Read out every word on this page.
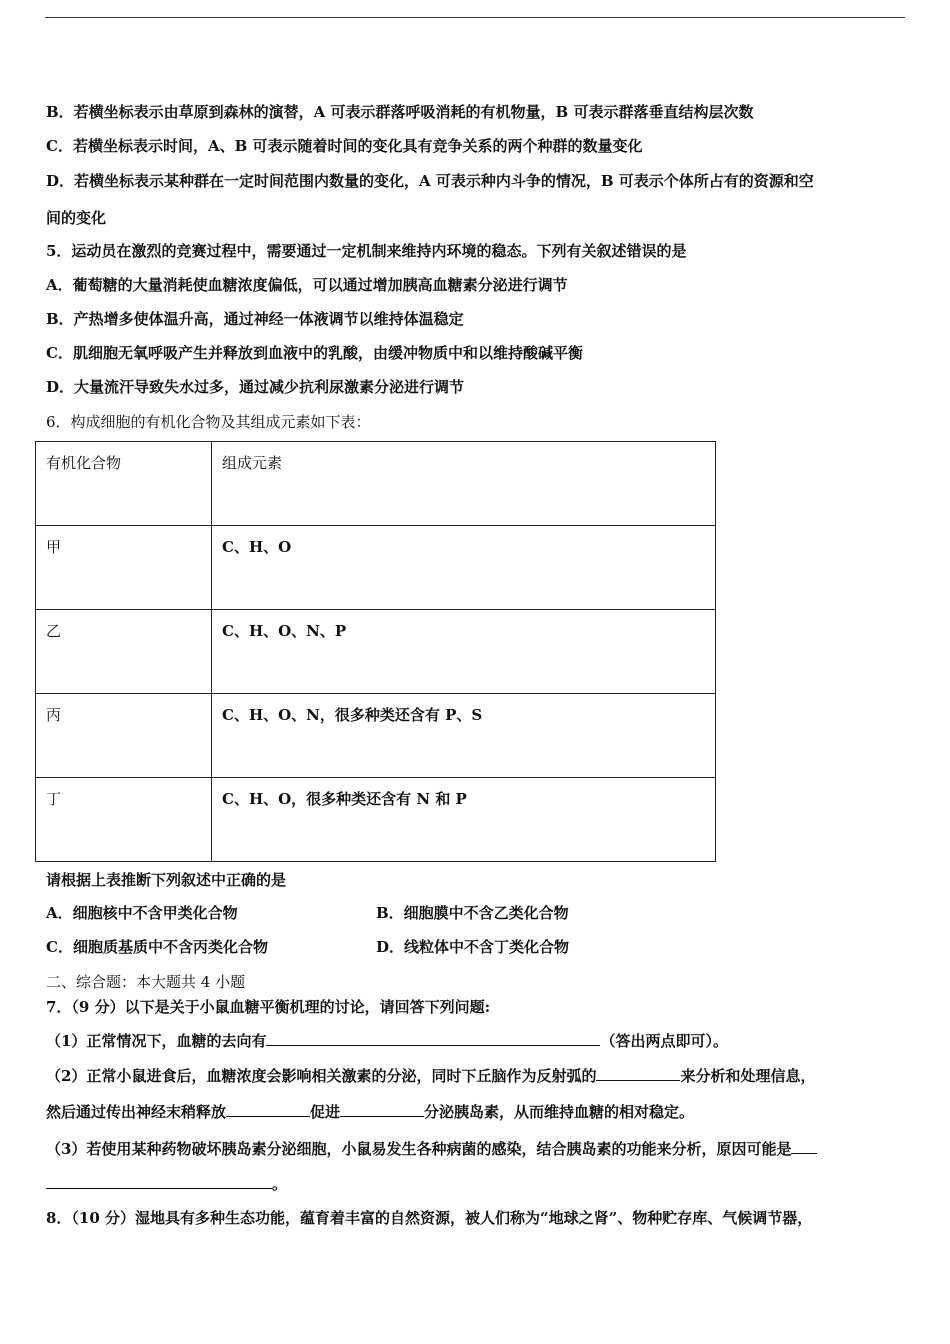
B．若横坐标表示由草原到森林的演替，A 可表示群落呼吸消耗的有机物量，B 可表示群落垂直结构层次数
C．若横坐标表示时间，A、B 可表示随着时间的变化具有竞争关系的两个种群的数量变化
D．若横坐标表示某种群在一定时间范围内数量的变化，A 可表示种内斗争的情况，B 可表示个体所占有的资源和空
间的变化
5．运动员在激烈的竞赛过程中，需要通过一定机制来维持内环境的稳态。下列有关叙述错误的是
A．葡萄糖的大量消耗使血糖浓度偏低，可以通过增加胰高血糖素分泌进行调节
B．产热增多使体温升高，通过神经一体液调节以维持体温稳定
C．肌细胞无氧呼吸产生并释放到血液中的乳酸，由缓冲物质中和以维持酸碱平衡
D．大量流汗导致失水过多，通过减少抗利尿激素分泌进行调节
6．构成细胞的有机化合物及其组成元素如下表：
有机化合物	组成元素
甲	C、H、O
乙	C、H、O、N、P
丙	C、H、O、N，很多种类还含有 P、S
丁	C、H、O，很多种类还含有 N 和 P
请根据上表推断下列叙述中正确的是
A．细胞核中不含甲类化合物	B．细胞膜中不含乙类化合物
C．细胞质基质中不含丙类化合物	D．线粒体中不含丁类化合物
二、综合题：本大题共 4 小题
7．（9 分）以下是关于小鼠血糖平衡机理的讨论，请回答下列问题:
（1）正常情况下，血糖的去向有	（答出两点即可）。
（2）正常小鼠进食后，血糖浓度会影响相关激素的分泌，同时下丘脑作为反射弧的	来分析和处理信息，
然后通过传出神经末稍释放	促进	分泌胰岛素，从而维持血糖的相对稳定。
（3）若使用某种药物破坏胰岛素分泌细胞，小鼠易发生各种病菌的感染，结合胰岛素的功能来分析，原因可能是
。
8．（10 分）湿地具有多种生态功能，蕴育着丰富的自然资源，被人们称为“地球之肾”、物种贮存库、气候调节器，
